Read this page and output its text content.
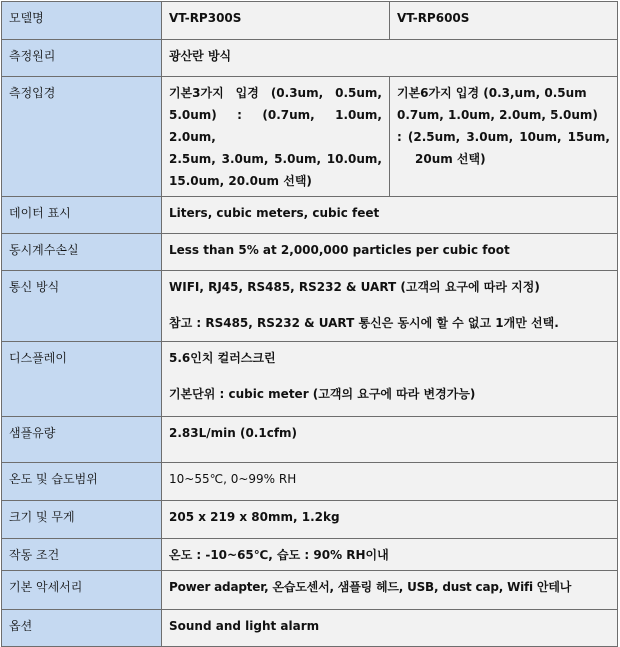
모델명	VT-RP300S	VT-RP600S
측정원리	광산란 방식	
측정입경	기본3가지 입경 (0.3um, 0.5um,
5.0um) : (0.7um, 1.0um, 2.0um,
2.5um, 3.0um, 5.0um, 10.0um,
15.0um, 20.0um 선택)	기본6가지 입경 (0.3,um, 0.5um
0.7um, 1.0um, 2.0um, 5.0um)
: (2.5um, 3.0um, 10um, 15um,
20um 선택)

데이터 표시	Liters, cubic meters, cubic feet	
동시계수손실	Less than 5% at 2,000,000 particles per cubic foot	
통신 방식	WIFI, RJ45, RS485, RS232 & UART (고객의 요구에 따라 지정)
참고 : RS485, RS232 & UART 통신은 동시에 할 수 없고 1개만 선택.	

디스플레이	5.6인치 컬러스크린
기본단위 : cubic meter (고객의 요구에 따라 변경가능)	

샘플유량	2.83L/min (0.1cfm)	
온도 및 습도범위	10~55℃, 0~99% RH	
크기 및 무게	205 x 219 x 80mm, 1.2kg	
작동 조건	온도 : -10~65℃, 습도 : 90% RH이내	
기본 악세서리	Power adapter, 온습도센서, 샘플링 헤드, USB, dust cap, Wifi 안테나	
옵션	Sound and light alarm	
